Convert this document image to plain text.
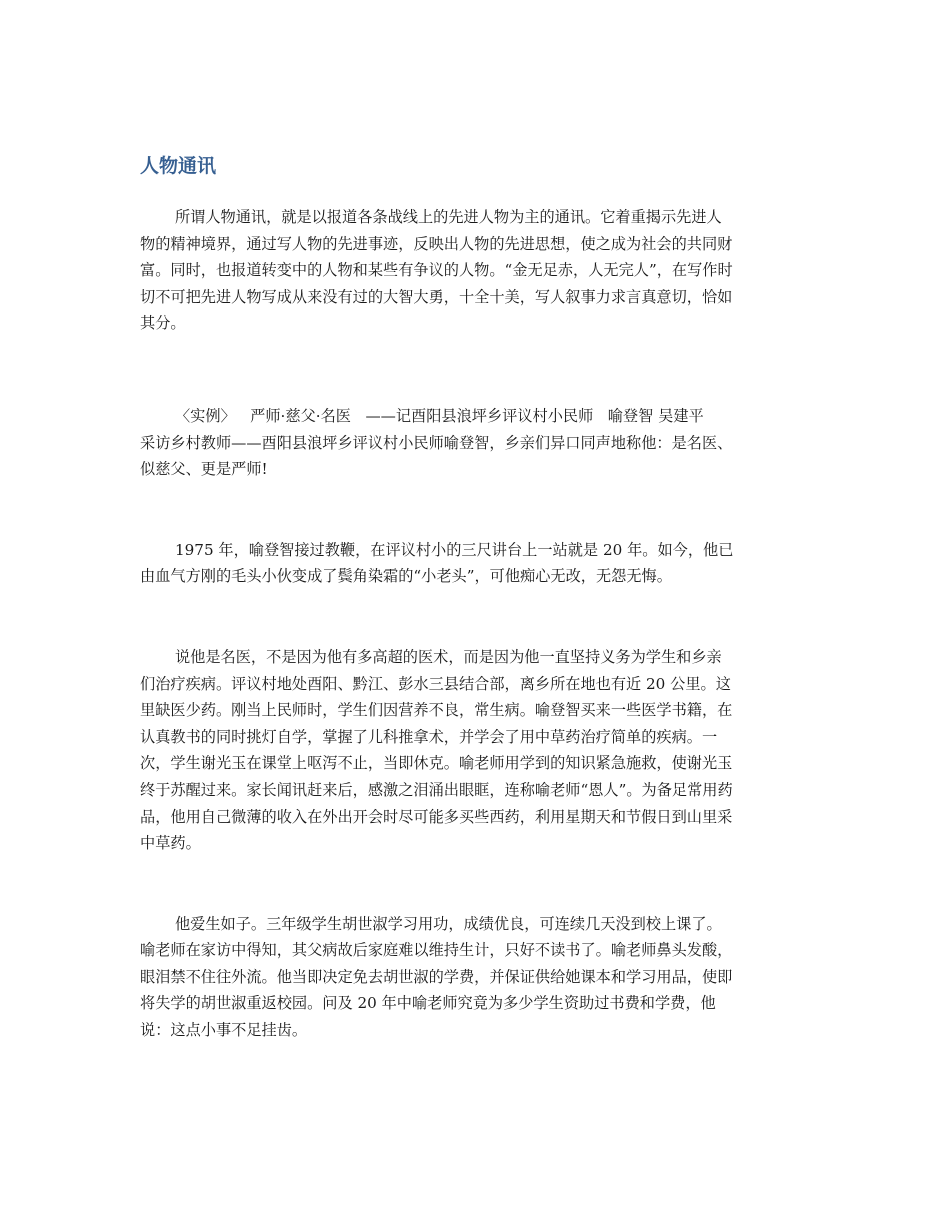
人物通讯
所谓人物通讯，就是以报道各条战线上的先进人物为主的通讯。它着重揭示先进人
物的精神境界，通过写人物的先进事迹，反映出人物的先进思想，使之成为社会的共同财
富。同时，也报道转变中的人物和某些有争议的人物。“金无足赤，人无完人”，在写作时
切不可把先进人物写成从来没有过的大智大勇，十全十美，写人叙事力求言真意切，恰如
其分。
〈实例〉   严师·慈父·名医   ——记酉阳县浪坪乡评议村小民师   喻登智 吴建平
采访乡村教师——酉阳县浪坪乡评议村小民师喻登智，乡亲们异口同声地称他：是名医、
似慈父、更是严师!
1975 年，喻登智接过教鞭，在评议村小的三尺讲台上一站就是 20 年。如今，他已
由血气方刚的毛头小伙变成了鬓角染霜的“小老头”，可他痴心无改，无怨无悔。
说他是名医，不是因为他有多高超的医术，而是因为他一直坚持义务为学生和乡亲
们治疗疾病。评议村地处酉阳、黔江、彭水三县结合部，离乡所在地也有近 20 公里。这
里缺医少药。刚当上民师时，学生们因营养不良，常生病。喻登智买来一些医学书籍，在
认真教书的同时挑灯自学，掌握了儿科推拿术，并学会了用中草药治疗简单的疾病。一
次，学生谢光玉在课堂上呕泻不止，当即休克。喻老师用学到的知识紧急施救，使谢光玉
终于苏醒过来。家长闻讯赶来后，感激之泪涌出眼眶，连称喻老师“恩人”。为备足常用药
品，他用自己微薄的收入在外出开会时尽可能多买些西药，利用星期天和节假日到山里采
中草药。
他爱生如子。三年级学生胡世淑学习用功，成绩优良，可连续几天没到校上课了。
喻老师在家访中得知，其父病故后家庭难以维持生计，只好不读书了。喻老师鼻头发酸，
眼泪禁不住往外流。他当即决定免去胡世淑的学费，并保证供给她课本和学习用品，使即
将失学的胡世淑重返校园。问及 20 年中喻老师究竟为多少学生资助过书费和学费，他
说：这点小事不足挂齿。
